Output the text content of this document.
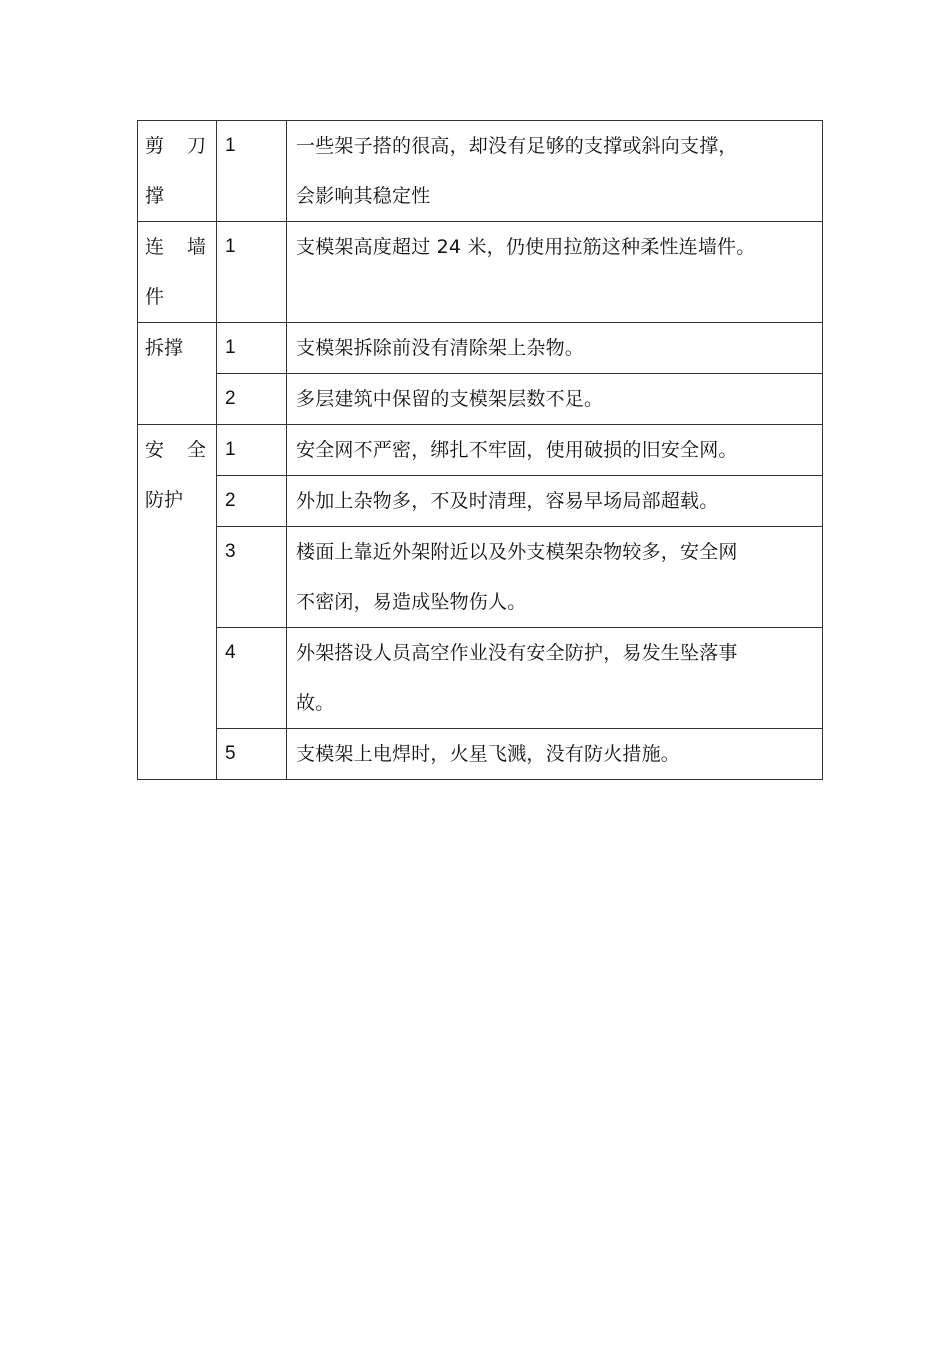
剪 刀
撑	1	一些架子搭的很高，却没有足够的支撑或斜向支撑，
会影响其稳定性

连 墙
件	1	支模架高度超过 24 米，仍使用拉筋这种柔性连墙件。

拆撑	1	支模架拆除前没有清除架上杂物。

	2	多层建筑中保留的支模架层数不足。

安 全
防护	1	安全网不严密，绑扎不牢固，使用破损的旧安全网。

	2	外加上杂物多，不及时清理，容易早场局部超载。

	3	楼面上靠近外架附近以及外支模架杂物较多，安全网
不密闭，易造成坠物伤人。

	4	外架搭设人员高空作业没有安全防护，易发生坠落事
故。

	5	支模架上电焊时，火星飞溅，没有防火措施。
